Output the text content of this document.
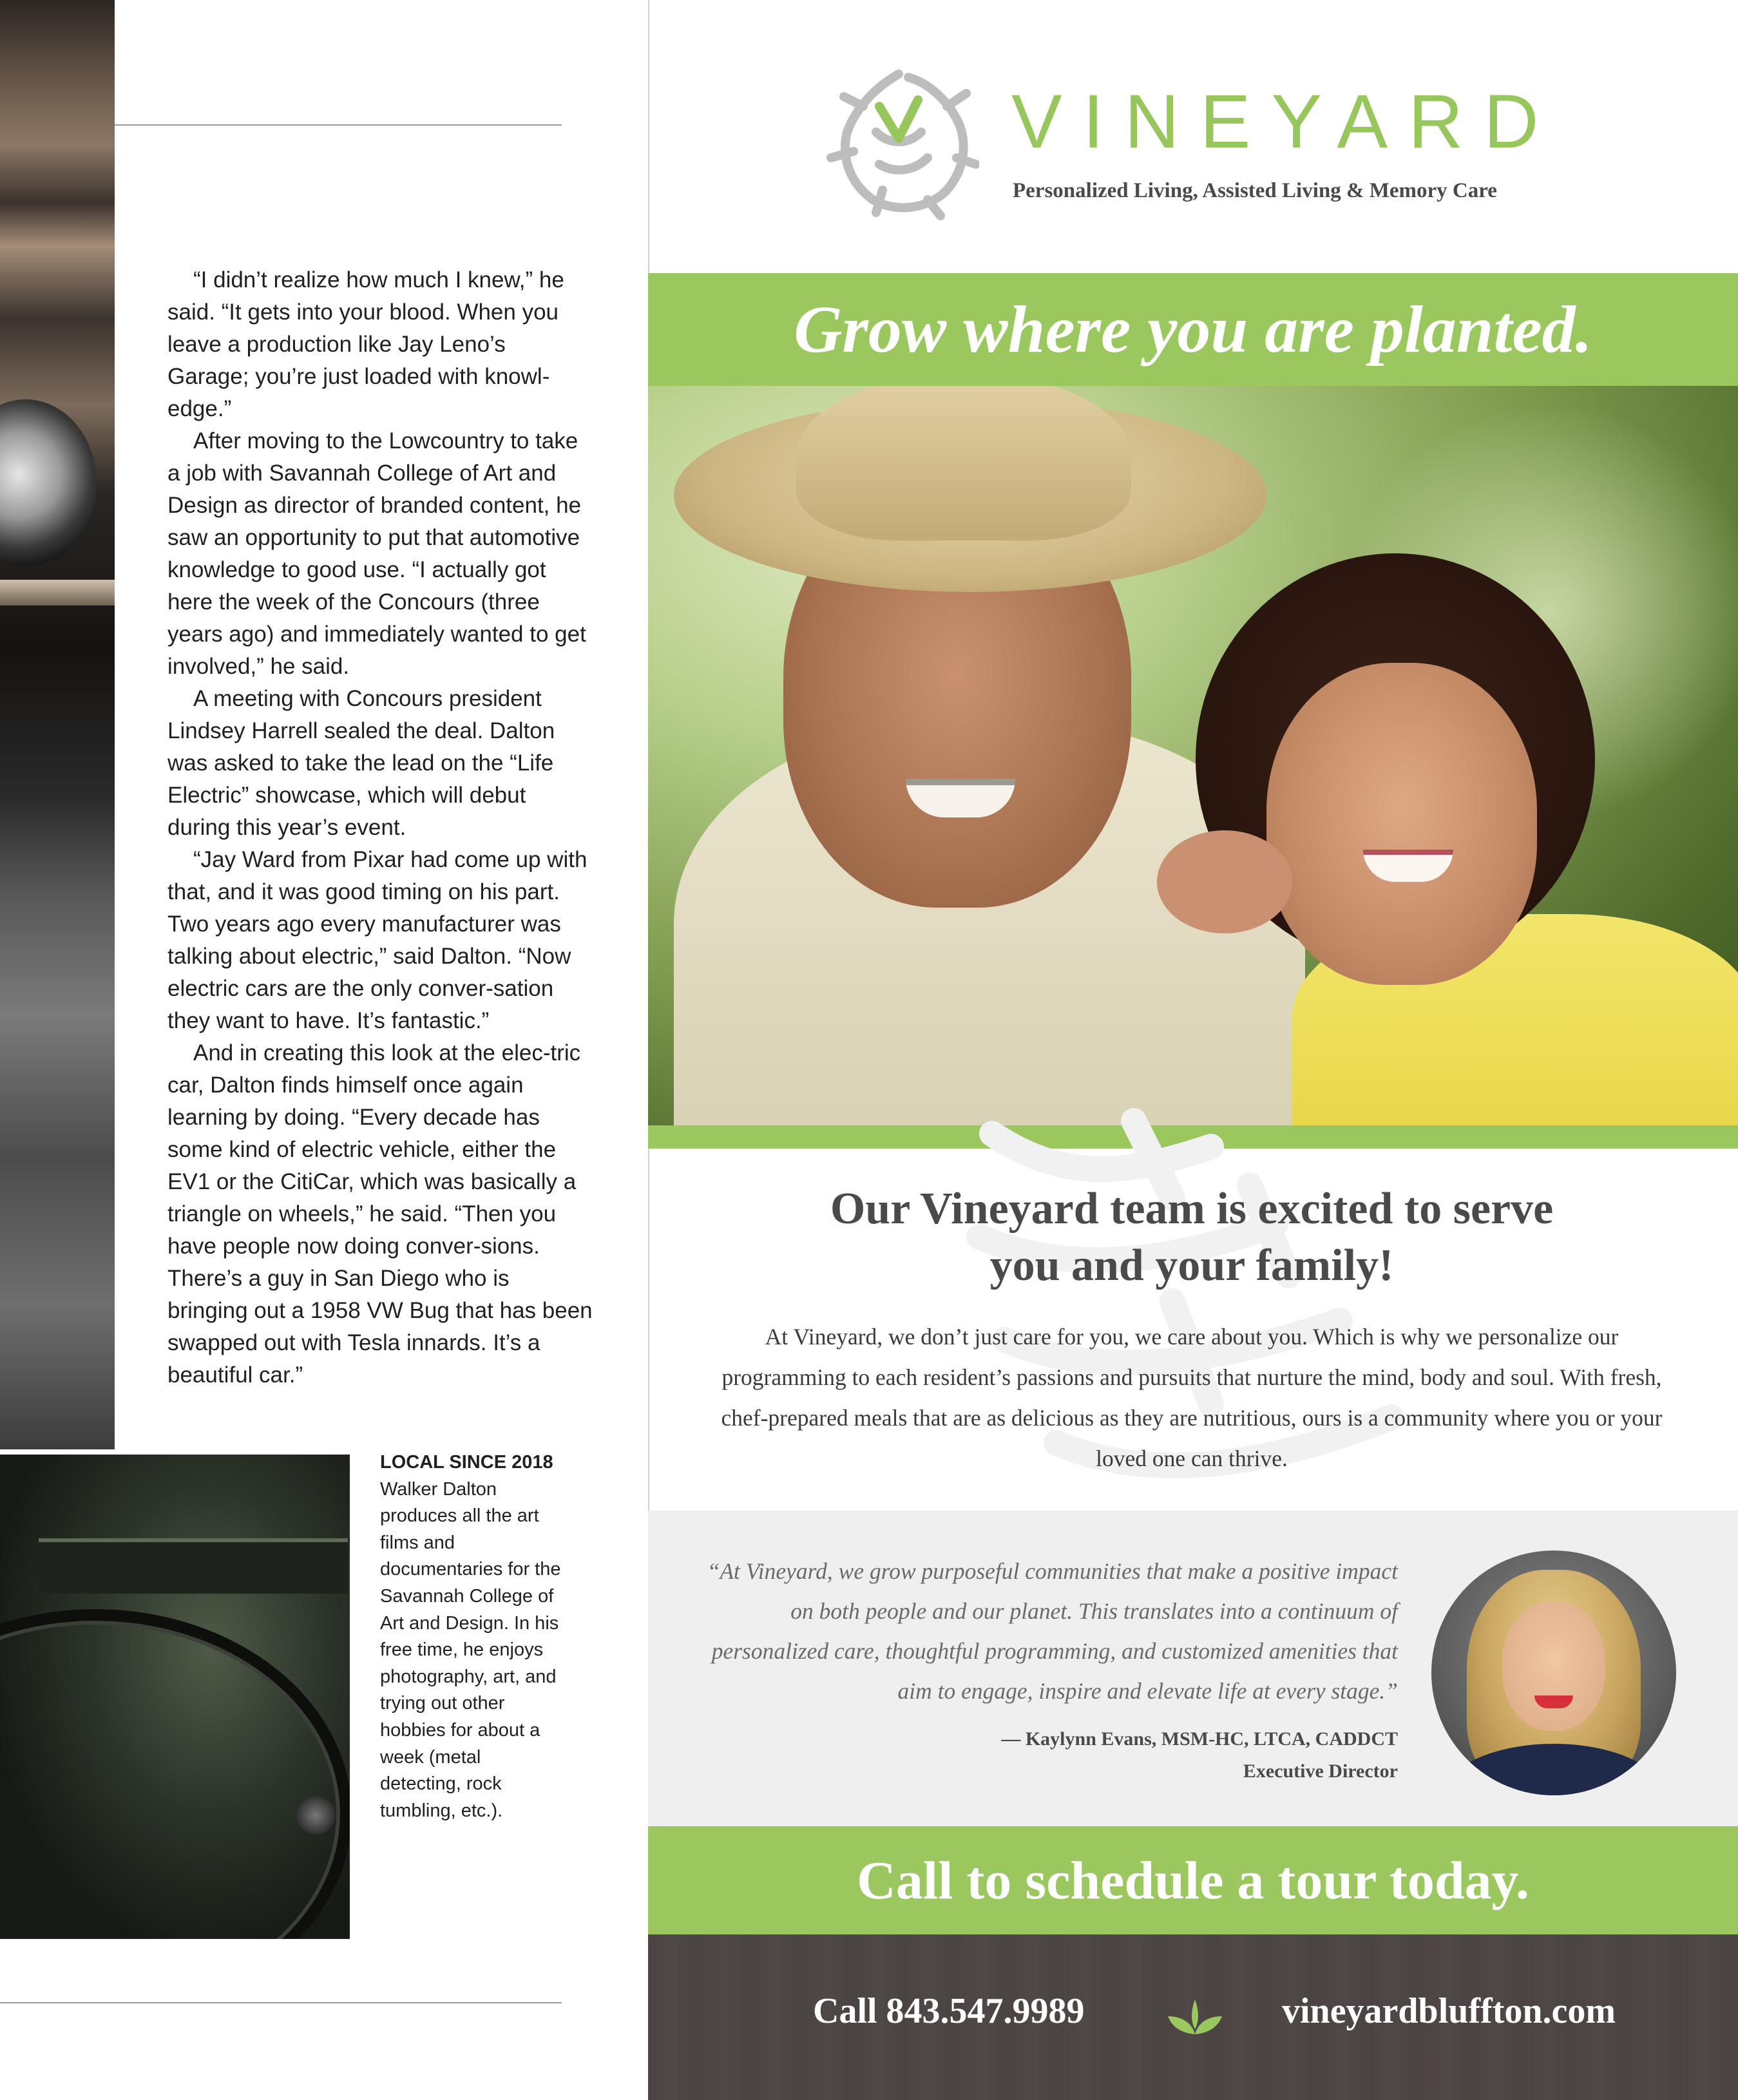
“I didn’t realize how much I knew,” he said. “It gets into your blood. When you leave a production like Jay Leno’s Garage; you’re just loaded with knowl-edge.”

After moving to the Lowcountry to take a job with Savannah College of Art and Design as director of branded content, he saw an opportunity to put that automotive knowledge to good use. “I actually got here the week of the Concours (three years ago) and immediately wanted to get involved,” he said.

A meeting with Concours president Lindsey Harrell sealed the deal. Dalton was asked to take the lead on the “Life Electric” showcase, which will debut during this year’s event.

“Jay Ward from Pixar had come up with that, and it was good timing on his part. Two years ago every manufacturer was talking about electric,” said Dalton. “Now electric cars are the only conver-sation they want to have. It’s fantastic.”

And in creating this look at the elec-tric car, Dalton finds himself once again learning by doing. “Every decade has some kind of electric vehicle, either the EV1 or the CitiCar, which was basically a triangle on wheels,” he said. “Then you have people now doing conver-sions. There’s a guy in San Diego who is bringing out a 1958 VW Bug that has been swapped out with Tesla innards. It’s a beautiful car.”

LOCAL SINCE 2018 Walker Dalton produces all the art films and documentaries for the Savannah College of Art and Design. In his free time, he enjoys photography, art, and trying out other hobbies for about a week (metal detecting, rock tumbling, etc.).
VINEYARD
Personalized Living, Assisted Living & Memory Care
Grow where you are planted.
Our Vineyard team is excited to serve
you and your family!
At Vineyard, we don’t just care for you, we care about you. Which is why we personalize our programming to each resident’s passions and pursuits that nurture the mind, body and soul. With fresh, chef-prepared meals that are as delicious as they are nutritious, ours is a community where you or your loved one can thrive.
“At Vineyard, we grow purposeful communities that make a positive impact on both people and our planet. This translates into a continuum of personalized care, thoughtful programming, and customized amenities that aim to engage, inspire and elevate life at every stage.”
— Kaylynn Evans, MSM-HC, LTCA, CADDCT
Executive Director
Call to schedule a tour today.
Call 843.547.9989	vineyardbluffton.com
